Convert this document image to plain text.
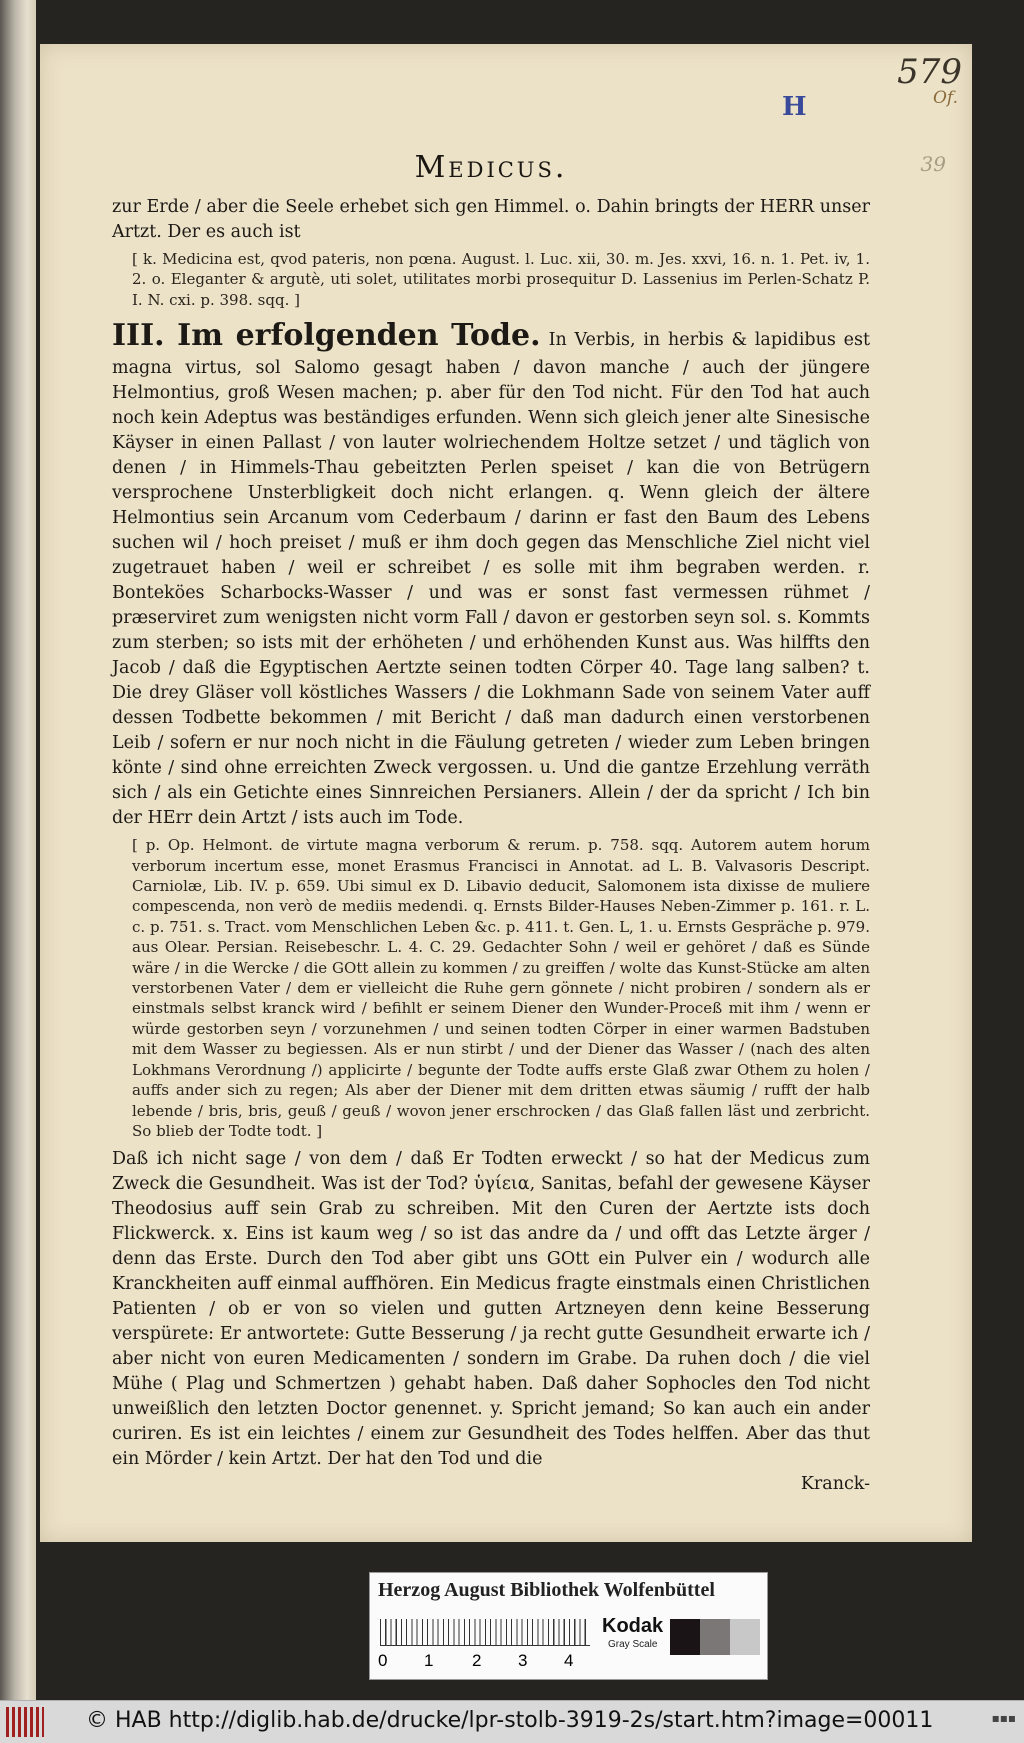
579
Of.
39
H
Medicus.

zur Erde / aber die Seele erhebet sich gen Himmel. o. Dahin bringts der HERR unser Artzt. Der es auch ist

[ k. Medicina est, qvod pateris, non pœna. August. l. Luc. xii, 30. m. Jes. xxvi, 16. n. 1. Pet. iv, 1. 2. o. Eleganter & argutè, uti solet, utilitates morbi prosequitur D. Lassenius im Perlen-Schatz P. I. N. cxi. p. 398. sqq. ]

III. Im erfolgenden Tode. In Verbis, in herbis & lapidibus est magna virtus, sol Salomo gesagt haben / davon manche / auch der jüngere Helmontius, groß Wesen machen; p. aber für den Tod nicht. Für den Tod hat auch noch kein Adeptus was beständiges erfunden. Wenn sich gleich jener alte Sinesische Käyser in einen Pallast / von lauter wolriechendem Holtze setzet / und täglich von denen / in Himmels-Thau gebeitzten Perlen speiset / kan die von Betrügern versprochene Unsterbligkeit doch nicht erlangen. q. Wenn gleich der ältere Helmontius sein Arcanum vom Cederbaum / darinn er fast den Baum des Lebens suchen wil / hoch preiset / muß er ihm doch gegen das Menschliche Ziel nicht viel zugetrauet haben / weil er schreibet / es solle mit ihm begraben werden. r. Bonteköes Scharbocks-Wasser / und was er sonst fast vermessen rühmet / præserviret zum wenigsten nicht vorm Fall / davon er gestorben seyn sol. s. Kommts zum sterben; so ists mit der erhöheten / und erhöhenden Kunst aus. Was hilffts den Jacob / daß die Egyptischen Aertzte seinen todten Cörper 40. Tage lang salben? t. Die drey Gläser voll köstliches Wassers / die Lokhmann Sade von seinem Vater auff dessen Todbette bekommen / mit Bericht / daß man dadurch einen verstorbenen Leib / sofern er nur noch nicht in die Fäulung getreten / wieder zum Leben bringen könte / sind ohne erreichten Zweck vergossen. u. Und die gantze Erzehlung verräth sich / als ein Getichte eines Sinnreichen Persianers. Allein / der da spricht / Ich bin der HErr dein Artzt / ists auch im Tode.

[ p. Op. Helmont. de virtute magna verborum & rerum. p. 758. sqq. Autorem autem horum verborum incertum esse, monet Erasmus Francisci in Annotat. ad L. B. Valvasoris Descript. Carniolæ, Lib. IV. p. 659. Ubi simul ex D. Libavio deducit, Salomonem ista dixisse de muliere compescenda, non verò de mediis medendi. q. Ernsts Bilder-Hauses Neben-Zimmer p. 161. r. L. c. p. 751. s. Tract. vom Menschlichen Leben &c. p. 411. t. Gen. L, 1. u. Ernsts Gespräche p. 979. aus Olear. Persian. Reisebeschr. L. 4. C. 29. Gedachter Sohn / weil er gehöret / daß es Sünde wäre / in die Wercke / die GOtt allein zu kommen / zu greiffen / wolte das Kunst-Stücke am alten verstorbenen Vater / dem er vielleicht die Ruhe gern gönnete / nicht probiren / sondern als er einstmals selbst kranck wird / befihlt er seinem Diener den Wunder-Proceß mit ihm / wenn er würde gestorben seyn / vorzunehmen / und seinen todten Cörper in einer warmen Badstuben mit dem Wasser zu begiessen. Als er nun stirbt / und der Diener das Wasser / (nach des alten Lokhmans Verordnung /) applicirte / begunte der Todte auffs erste Glaß zwar Othem zu holen / auffs ander sich zu regen; Als aber der Diener mit dem dritten etwas säumig / rufft der halb lebende / bris, bris, geuß / geuß / wovon jener erschrocken / das Glaß fallen läst und zerbricht. So blieb der Todte todt. ]

Daß ich nicht sage / von dem / daß Er Todten erweckt / so hat der Medicus zum Zweck die Gesundheit. Was ist der Tod? ὑγίεια, Sanitas, befahl der gewesene Käyser Theodosius auff sein Grab zu schreiben. Mit den Curen der Aertzte ists doch Flickwerck. x. Eins ist kaum weg / so ist das andre da / und offt das Letzte ärger / denn das Erste. Durch den Tod aber gibt uns GOtt ein Pulver ein / wodurch alle Kranckheiten auff einmal auffhören. Ein Medicus fragte einstmals einen Christlichen Patienten / ob er von so vielen und gutten Artzneyen denn keine Besserung verspürete: Er antwortete: Gutte Besserung / ja recht gutte Gesundheit erwarte ich / aber nicht von euren Medicamenten / sondern im Grabe. Da ruhen doch / die viel Mühe ( Plag und Schmertzen ) gehabt haben. Daß daher Sophocles den Tod nicht unweißlich den letzten Doctor genennet. y. Spricht jemand; So kan auch ein ander curiren. Es ist ein leichtes / einem zur Gesundheit des Todes helffen. Aber das thut ein Mörder / kein Artzt. Der hat den Tod und die

Kranck-
Herzog August Bibliothek Wolfenbüttel
0 1 2 3 4
Kodak
Gray Scale
© HAB http://diglib.hab.de/drucke/lpr-stolb-3919-2s/start.htm?image=00011	▪▪▪
